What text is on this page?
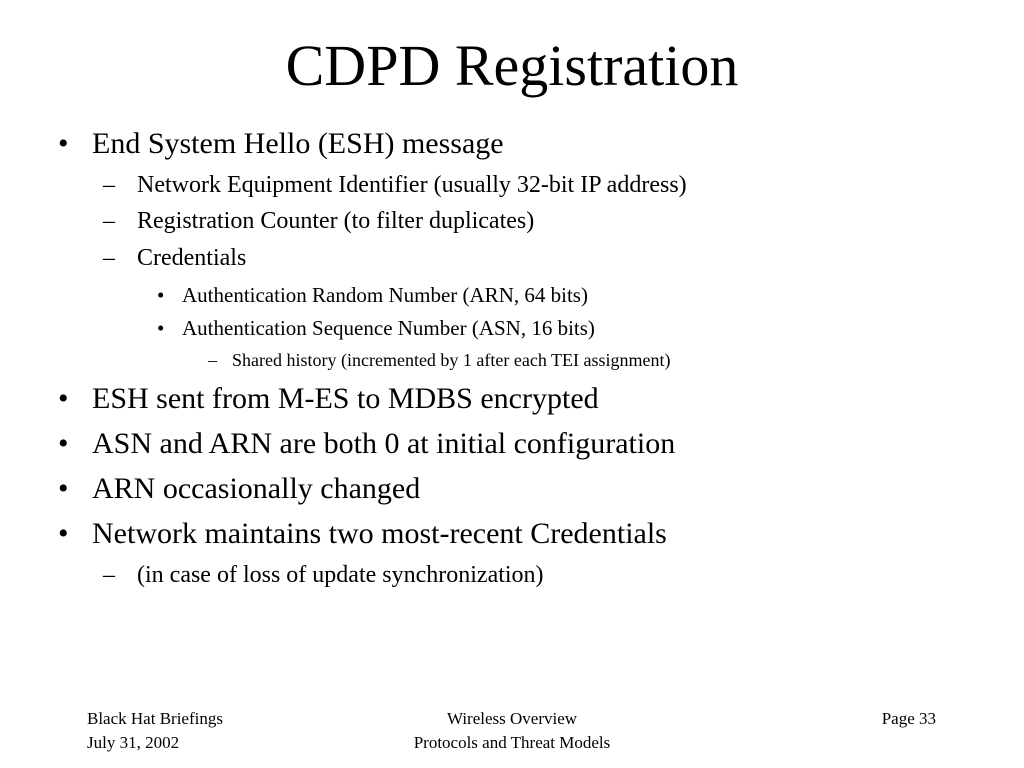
CDPD Registration
• End System Hello (ESH) message
– Network Equipment Identifier (usually 32-bit IP address)
– Registration Counter (to filter duplicates)
– Credentials
• Authentication Random Number (ARN, 64 bits)
• Authentication Sequence Number (ASN, 16 bits)
– Shared history (incremented by 1 after each TEI assignment)
• ESH sent from M-ES to MDBS encrypted
• ASN and ARN are both 0 at initial configuration
• ARN occasionally changed
• Network maintains two most-recent Credentials
– (in case of loss of update synchronization)
Black Hat Briefings
July 31, 2002
Wireless Overview
Protocols and Threat Models
Page 33
